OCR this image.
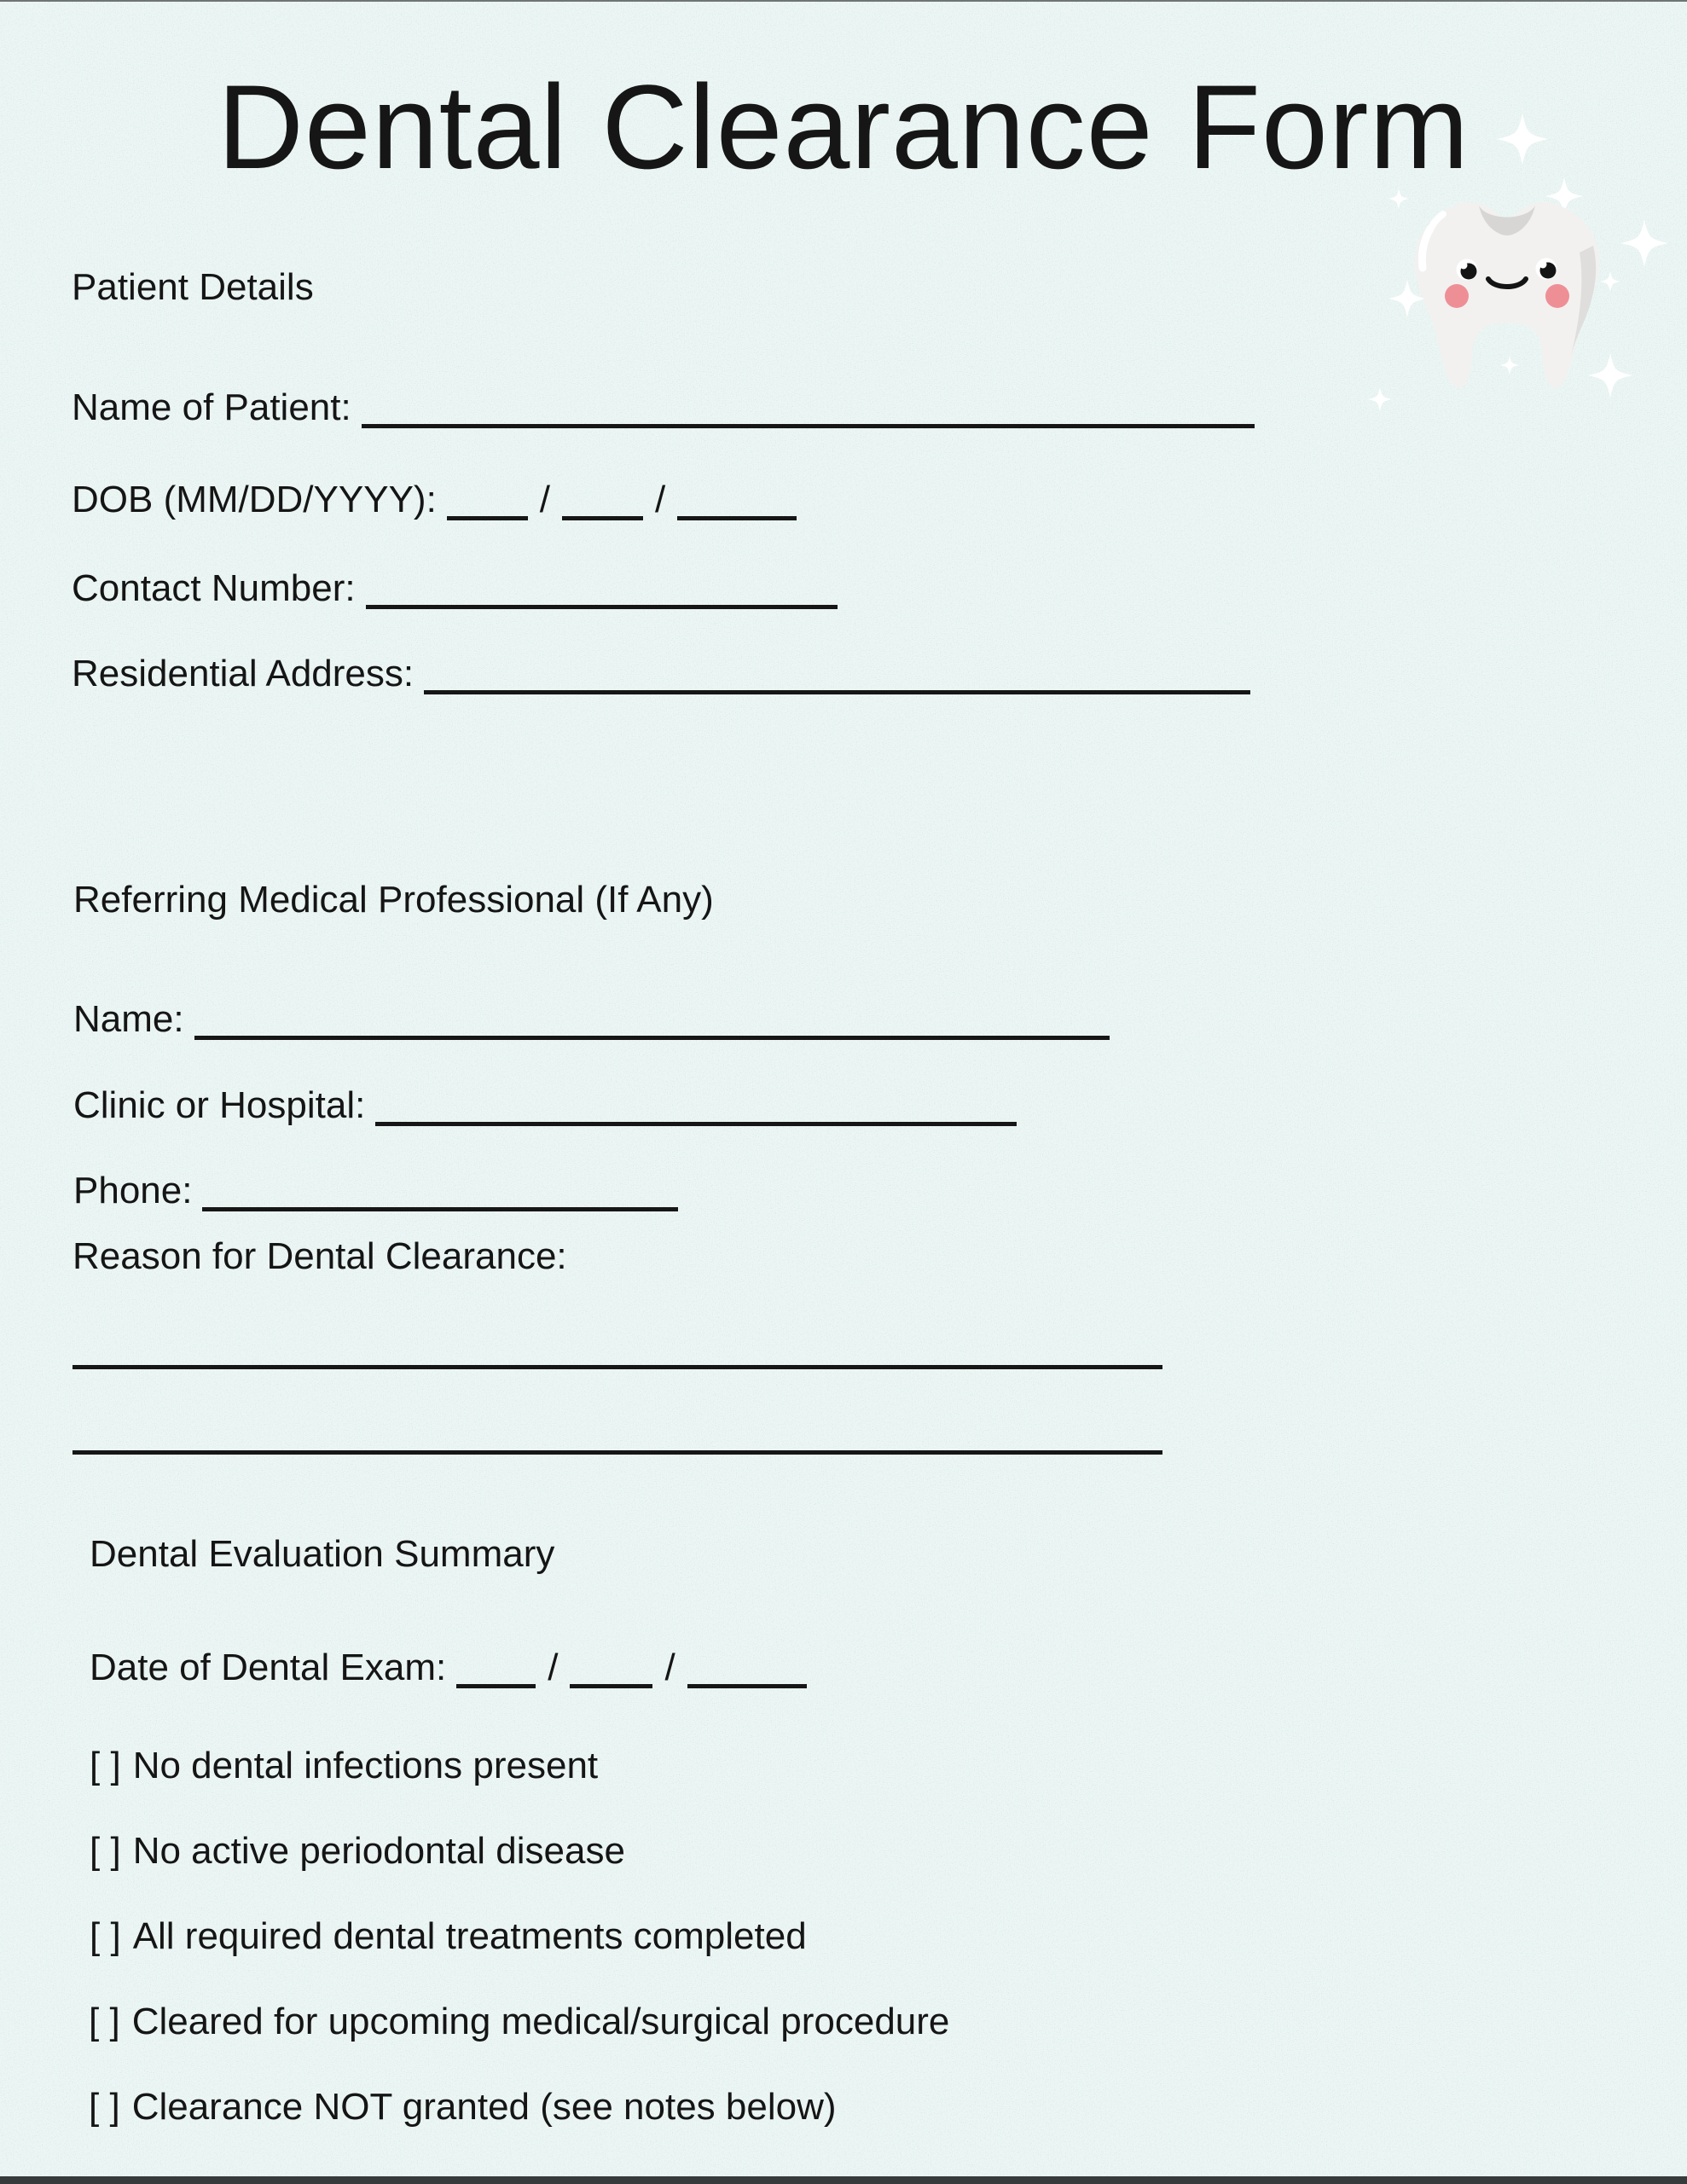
Dental Clearance Form
Patient Details
Name of Patient:
DOB (MM/DD/YYYY):	/	/
Contact Number:
Residential Address:
Referring Medical Professional (If Any)
Name:
Clinic or Hospital:
Phone:
Reason for Dental Clearance:
Dental Evaluation Summary
Date of Dental Exam:	/	/
[ ] No dental infections present
[ ] No active periodontal disease
[ ] All required dental treatments completed
[ ] Cleared for upcoming medical/surgical procedure
[ ] Clearance NOT granted (see notes below)
